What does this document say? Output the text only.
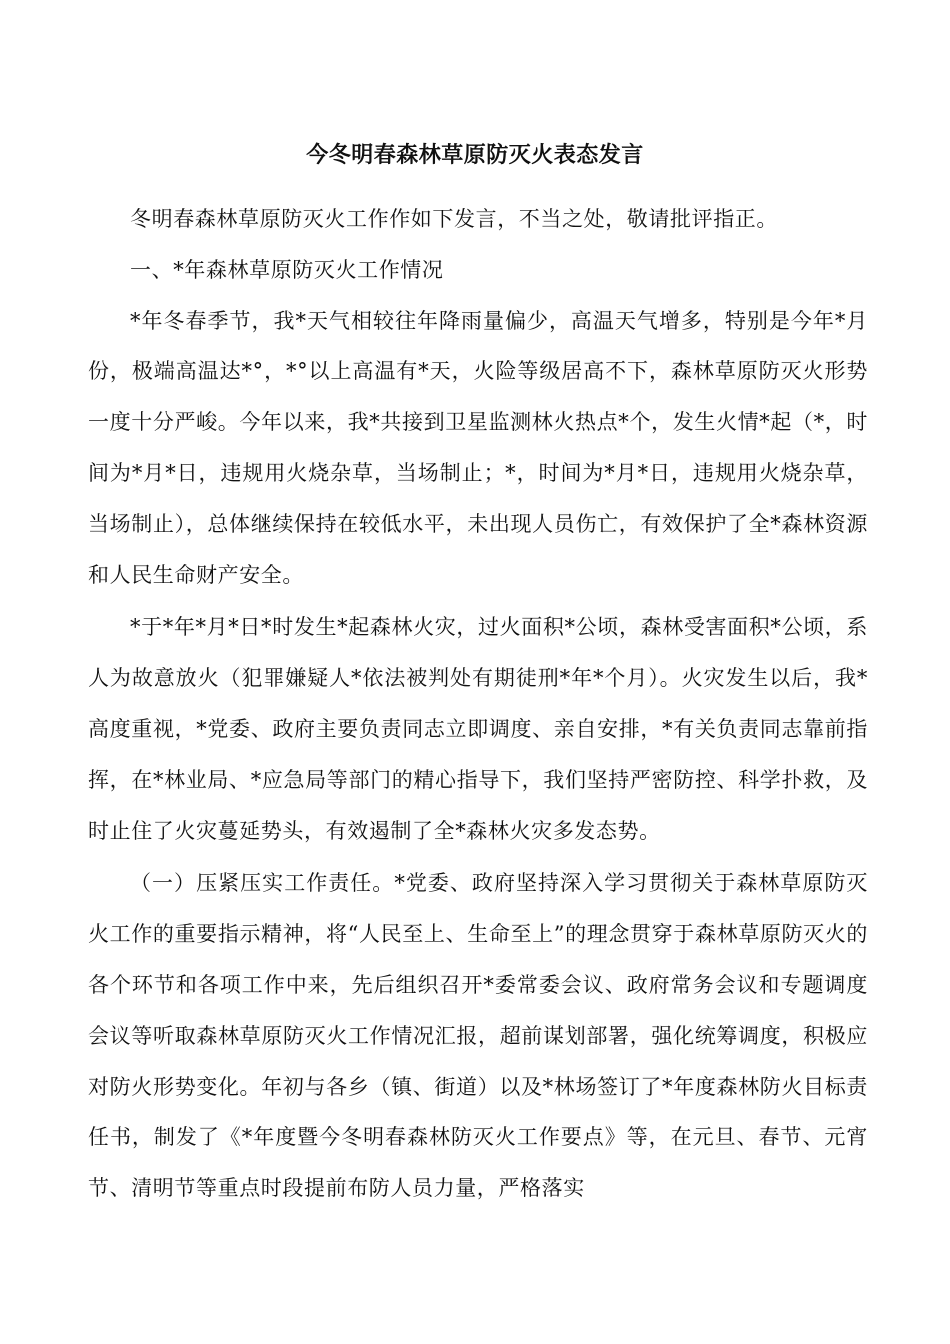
今冬明春森林草原防灭火表态发言

冬明春森林草原防灭火工作作如下发言，不当之处，敬请批评指正。

一、*年森林草原防灭火工作情况

*年冬春季节，我*天气相较往年降雨量偏少，高温天气增多，特别是今年*月份，极端高温达*°，*°以上高温有*天，火险等级居高不下，森林草原防灭火形势一度十分严峻。今年以来，我*共接到卫星监测林火热点*个，发生火情*起（*，时间为*月*日，违规用火烧杂草，当场制止；*，时间为*月*日，违规用火烧杂草，当场制止），总体继续保持在较低水平，未出现人员伤亡，有效保护了全*森林资源和人民生命财产安全。

*于*年*月*日*时发生*起森林火灾，过火面积*公顷，森林受害面积*公顷，系人为故意放火（犯罪嫌疑人*依法被判处有期徒刑*年*个月）。火灾发生以后，我*高度重视，*党委、政府主要负责同志立即调度、亲自安排，*有关负责同志靠前指挥，在*林业局、*应急局等部门的精心指导下，我们坚持严密防控、科学扑救，及时止住了火灾蔓延势头，有效遏制了全*森林火灾多发态势。

（一）压紧压实工作责任。*党委、政府坚持深入学习贯彻关于森林草原防灭火工作的重要指示精神，将“人民至上、生命至上”的理念贯穿于森林草原防灭火的各个环节和各项工作中来，先后组织召开*委常委会议、政府常务会议和专题调度会议等听取森林草原防灭火工作情况汇报，超前谋划部署，强化统筹调度，积极应对防火形势变化。年初与各乡（镇、街道）以及*林场签订了*年度森林防火目标责任书，制发了《*年度暨今冬明春森林防灭火工作要点》等，在元旦、春节、元宵节、清明节等重点时段提前布防人员力量，严格落实
